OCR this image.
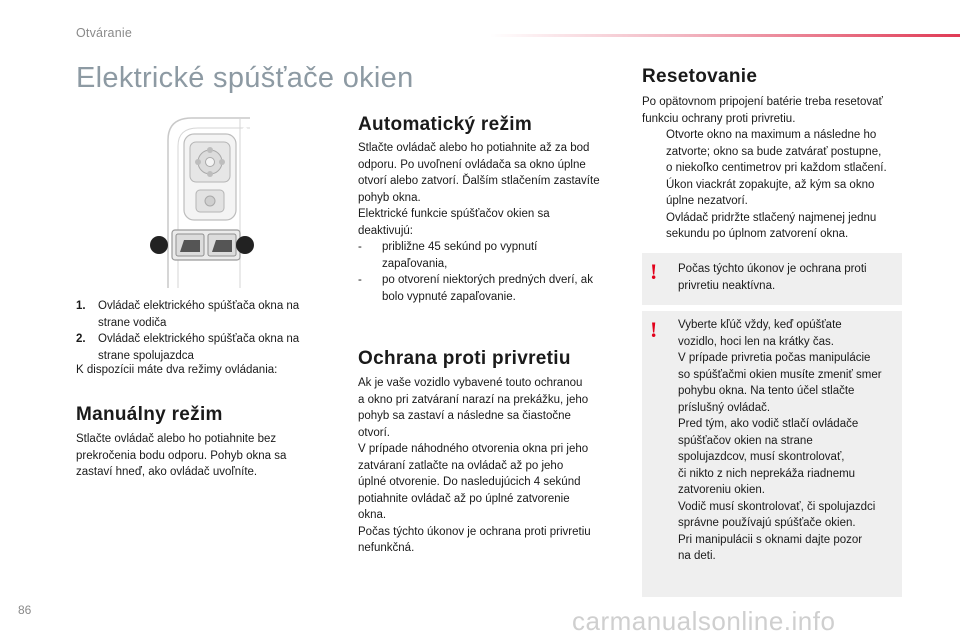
Otváranie
Elektrické spúšťače okien
1	2
1. Ovládač elektrického spúšťača okna na strane vodiča
2. Ovládač elektrického spúšťača okna na strane spolujazdca
K dispozícii máte dva režimy ovládania:
Manuálny režim
Stlačte ovládač alebo ho potiahnite bez
prekročenia bodu odporu. Pohyb okna sa
zastaví hneď, ako ovládač uvoľníte.
Automatický režim
Stlačte ovládač alebo ho potiahnite až za bod
odporu. Po uvoľnení ovládača sa okno úplne
otvorí alebo zatvorí. Ďalším stlačením zastavíte
pohyb okna.
Elektrické funkcie spúšťačov okien sa
deaktivujú:
- približne 45 sekúnd po vypnutí
zapaľovania,
- po otvorení niektorých predných dverí, ak
bolo vypnuté zapaľovanie.
Ochrana proti privretiu
Ak je vaše vozidlo vybavené touto ochranou
a okno pri zatváraní narazí na prekážku, jeho
pohyb sa zastaví a následne sa čiastočne
otvorí.
V prípade náhodného otvorenia okna pri jeho
zatváraní zatlačte na ovládač až po jeho
úplné otvorenie. Do nasledujúcich 4 sekúnd
potiahnite ovládač až po úplné zatvorenie
okna.
Počas týchto úkonov je ochrana proti privretiu
nefunkčná.
Resetovanie
Po opätovnom pripojení batérie treba resetovať
funkciu ochrany proti privretiu.
Otvorte okno na maximum a následne ho
zatvorte; okno sa bude zatvárať postupne,
o niekoľko centimetrov pri každom stlačení.
Úkon viackrát zopakujte, až kým sa okno
úplne nezatvorí.
Ovládač pridržte stlačený najmenej jednu
sekundu po úplnom zatvorení okna.
! Počas týchto úkonov je ochrana proti
privretiu neaktívna.
! Vyberte kľúč vždy, keď opúšťate
vozidlo, hoci len na krátky čas.
V prípade privretia počas manipulácie
so spúšťačmi okien musíte zmeniť smer
pohybu okna. Na tento účel stlačte
príslušný ovládač.
Pred tým, ako vodič stlačí ovládače
spúšťačov okien na strane
spolujazdcov, musí skontrolovať,
či nikto z nich neprekáža riadnemu
zatvoreniu okien.
Vodič musí skontrolovať, či spolujazdci
správne používajú spúšťače okien.
Pri manipulácii s oknami dajte pozor
na deti.
86	carmanualsonline.info
